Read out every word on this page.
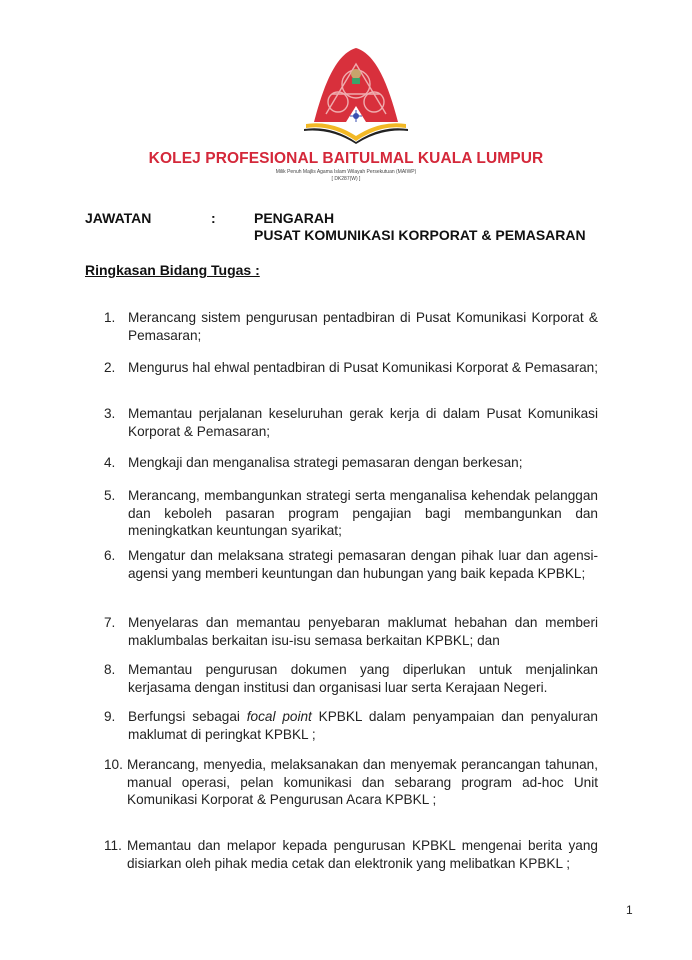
KOLEJ PROFESIONAL BAITULMAL KUALA LUMPUR
Milik Penuh Majlis Agama Islam Wilayah Persekutuan (MAIWP)
[ DK287(W) ]
JAWATAN	:	PENGARAH
PUSAT KOMUNIKASI KORPORAT & PEMASARAN
Ringkasan Bidang Tugas :
1. Merancang sistem pengurusan pentadbiran di Pusat Komunikasi Korporat & Pemasaran;
2. Mengurus hal ehwal pentadbiran di Pusat Komunikasi Korporat & Pemasaran;
3. Memantau perjalanan keseluruhan gerak kerja di dalam Pusat Komunikasi Korporat & Pemasaran;
4. Mengkaji dan menganalisa strategi pemasaran dengan berkesan;
5. Merancang, membangunkan strategi serta menganalisa kehendak pelanggan dan keboleh pasaran program pengajian bagi membangunkan dan meningkatkan keuntungan syarikat;
6. Mengatur dan melaksana strategi pemasaran dengan pihak luar dan agensi-agensi yang memberi keuntungan dan hubungan yang baik kepada KPBKL;
7. Menyelaras dan memantau penyebaran maklumat hebahan dan memberi maklumbalas berkaitan isu-isu semasa berkaitan KPBKL; dan
8. Memantau pengurusan dokumen yang diperlukan untuk menjalinkan kerjasama dengan institusi dan organisasi luar serta Kerajaan Negeri.
9. Berfungsi sebagai focal point KPBKL dalam penyampaian dan penyaluran maklumat di peringkat KPBKL ;
10. Merancang, menyedia, melaksanakan dan menyemak perancangan tahunan, manual operasi, pelan komunikasi dan sebarang program ad-hoc Unit Komunikasi Korporat & Pengurusan Acara KPBKL ;
11. Memantau dan melapor kepada pengurusan KPBKL mengenai berita yang disiarkan oleh pihak media cetak dan elektronik yang melibatkan KPBKL ;
1
